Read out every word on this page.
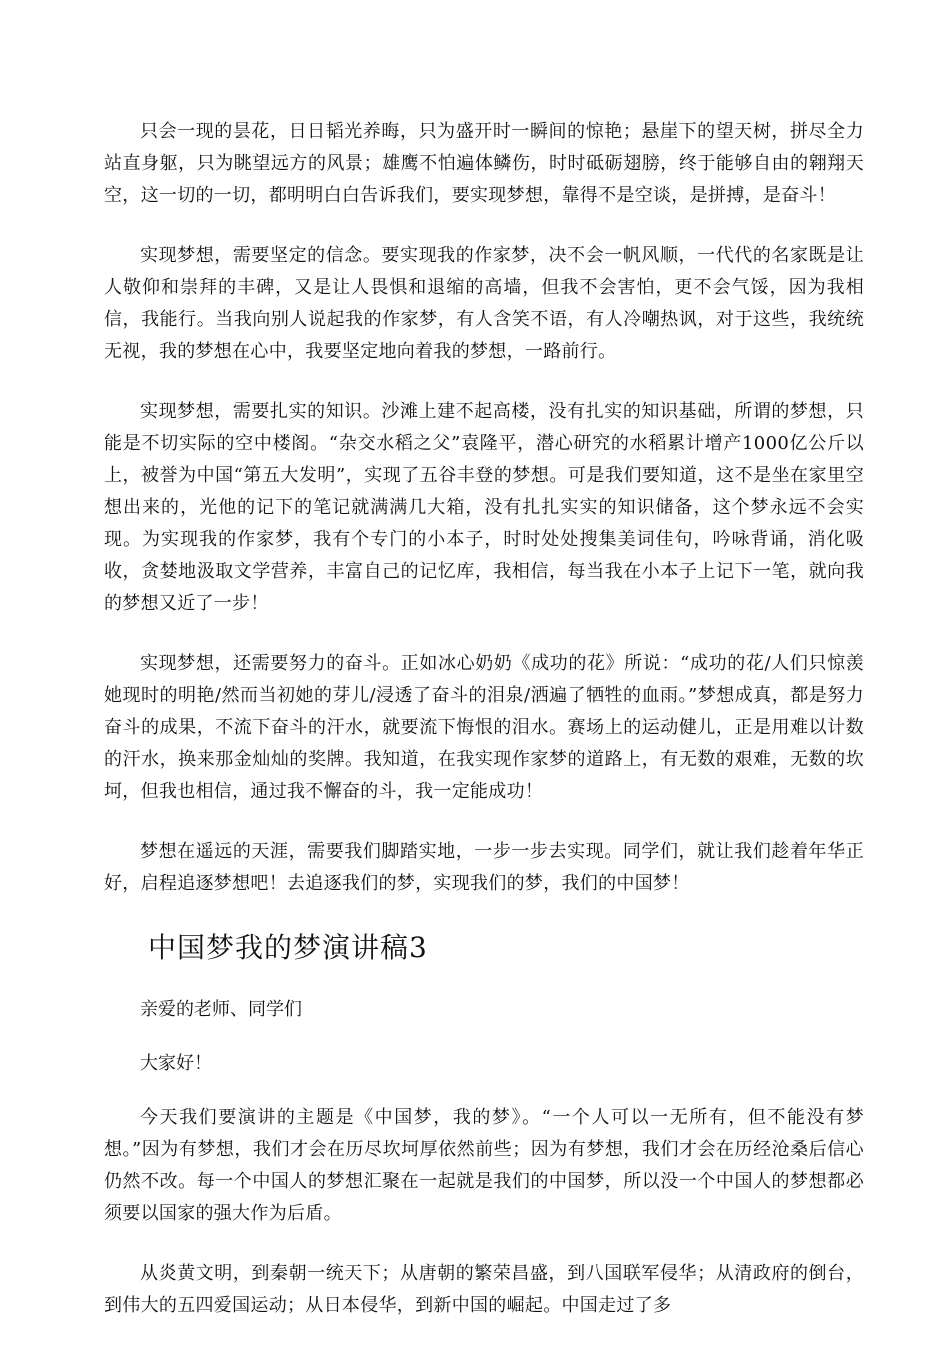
只会一现的昙花，日日韬光养晦，只为盛开时一瞬间的惊艳；悬崖下的望天树，拼尽全力站直身躯，只为眺望远方的风景；雄鹰不怕遍体鳞伤，时时砥砺翅膀，终于能够自由的翱翔天空，这一切的一切，都明明白白告诉我们，要实现梦想，靠得不是空谈，是拼搏，是奋斗！

实现梦想，需要坚定的信念。要实现我的作家梦，决不会一帆风顺，一代代的名家既是让人敬仰和崇拜的丰碑，又是让人畏惧和退缩的高墙，但我不会害怕，更不会气馁，因为我相信，我能行。当我向别人说起我的作家梦，有人含笑不语，有人冷嘲热讽，对于这些，我统统无视，我的梦想在心中，我要坚定地向着我的梦想，一路前行。

实现梦想，需要扎实的知识。沙滩上建不起高楼，没有扎实的知识基础，所谓的梦想，只能是不切实际的空中楼阁。“杂交水稻之父”袁隆平，潜心研究的水稻累计增产1000亿公斤以上，被誉为中国“第五大发明”，实现了五谷丰登的梦想。可是我们要知道，这不是坐在家里空想出来的，光他的记下的笔记就满满几大箱，没有扎扎实实的知识储备，这个梦永远不会实现。为实现我的作家梦，我有个专门的小本子，时时处处搜集美词佳句，吟咏背诵，消化吸收，贪婪地汲取文学营养，丰富自己的记忆库，我相信，每当我在小本子上记下一笔，就向我的梦想又近了一步！

实现梦想，还需要努力的奋斗。正如冰心奶奶《成功的花》所说：“成功的花/人们只惊羡她现时的明艳/然而当初她的芽儿/浸透了奋斗的泪泉/洒遍了牺牲的血雨。”梦想成真，都是努力奋斗的成果，不流下奋斗的汗水，就要流下悔恨的泪水。赛场上的运动健儿，正是用难以计数的汗水，换来那金灿灿的奖牌。我知道，在我实现作家梦的道路上，有无数的艰难，无数的坎坷，但我也相信，通过我不懈奋的斗，我一定能成功！

梦想在遥远的天涯，需要我们脚踏实地，一步一步去实现。同学们，就让我们趁着年华正好，启程追逐梦想吧！去追逐我们的梦，实现我们的梦，我们的中国梦！

中国梦我的梦演讲稿3

亲爱的老师、同学们

大家好！

今天我们要演讲的主题是《中国梦，我的梦》。“一个人可以一无所有，但不能没有梦想。”因为有梦想，我们才会在历尽坎坷厚依然前些；因为有梦想，我们才会在历经沧桑后信心仍然不改。每一个中国人的梦想汇聚在一起就是我们的中国梦，所以没一个中国人的梦想都必须要以国家的强大作为后盾。

从炎黄文明，到秦朝一统天下；从唐朝的繁荣昌盛，到八国联军侵华；从清政府的倒台，到伟大的五四爱国运动；从日本侵华，到新中国的崛起。中国走过了多
